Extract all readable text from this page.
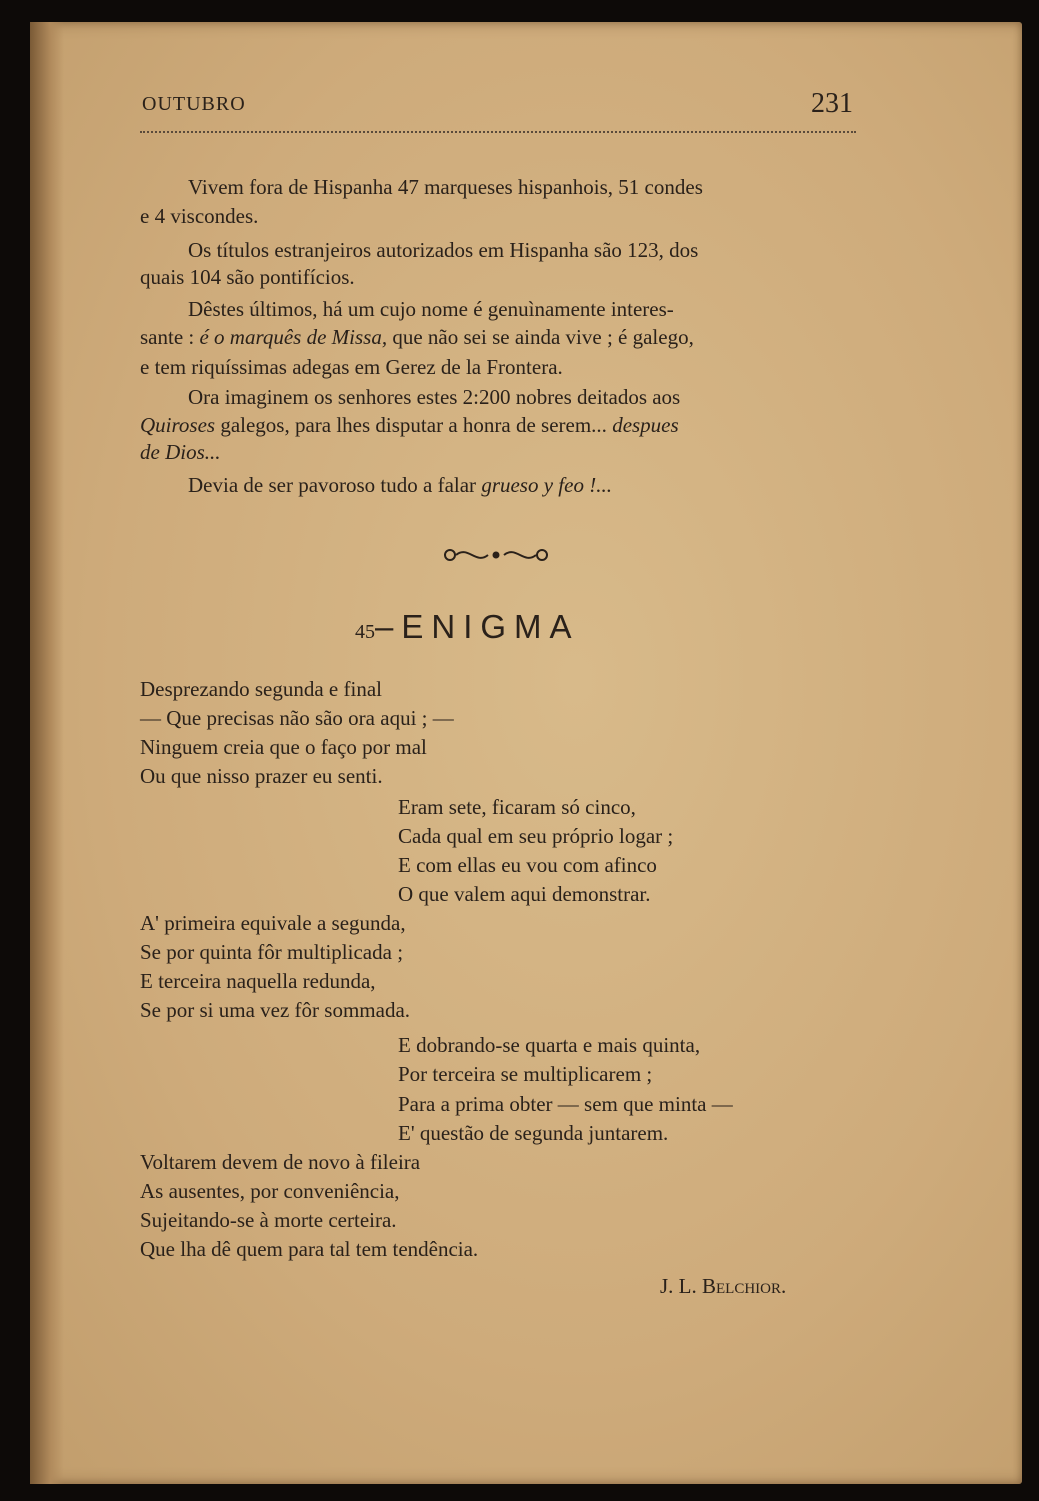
OUTUBRO	231
Vivem fora de Hispanha 47 marqueses hispanhois, 51 condes
e 4 viscondes.
Os títulos estranjeiros autorizados em Hispanha são 123, dos
quais 104 são pontifícios.
Dêstes últimos, há um cujo nome é genuìnamente interes-
sante : é o marquês de Missa, que não sei se ainda vive ; é galego,
e tem riquíssimas adegas em Gerez de la Frontera.
Ora imaginem os senhores estes 2:200 nobres deitados aos
Quiroses galegos, para lhes disputar a honra de serem... despues
de Dios...
Devia de ser pavoroso tudo a falar grueso y feo !...
45–ENIGMA
Desprezando segunda e final
— Que precisas não são ora aqui ; —
Ninguem creia que o faço por mal
Ou que nisso prazer eu senti.
Eram sete, ficaram só cinco,
Cada qual em seu próprio logar ;
E com ellas eu vou com afinco
O que valem aqui demonstrar.
A' primeira equivale a segunda,
Se por quinta fôr multiplicada ;
E terceira naquella redunda,
Se por si uma vez fôr sommada.
E dobrando-se quarta e mais quinta,
Por terceira se multiplicarem ;
Para a prima obter — sem que minta —
E' questão de segunda juntarem.
Voltarem devem de novo à fileira
As ausentes, por conveniência,
Sujeitando-se à morte certeira.
Que lha dê quem para tal tem tendência.
J. L. Belchior.
